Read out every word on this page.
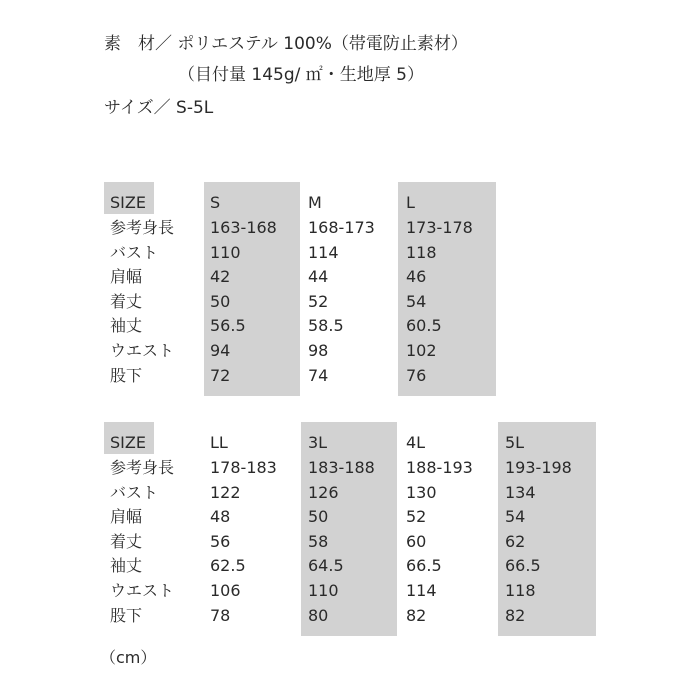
素　材／ ポリエステル 100%（帯電防止素材）
（目付量 145g/ ㎡・生地厚 5）
サイズ／ S-5L
SIZE
参考身長
バスト
肩幅
着丈
袖丈
ウエスト
股下
S
163-168
110
42
50
56.5
94
72
M
168-173
114
44
52
58.5
98
74
L
173-178
118
46
54
60.5
102
76
SIZE
参考身長
バスト
肩幅
着丈
袖丈
ウエスト
股下
LL
178-183
122
48
56
62.5
106
78
3L
183-188
126
50
58
64.5
110
80
4L
188-193
130
52
60
66.5
114
82
5L
193-198
134
54
62
66.5
118
82
（cm）
